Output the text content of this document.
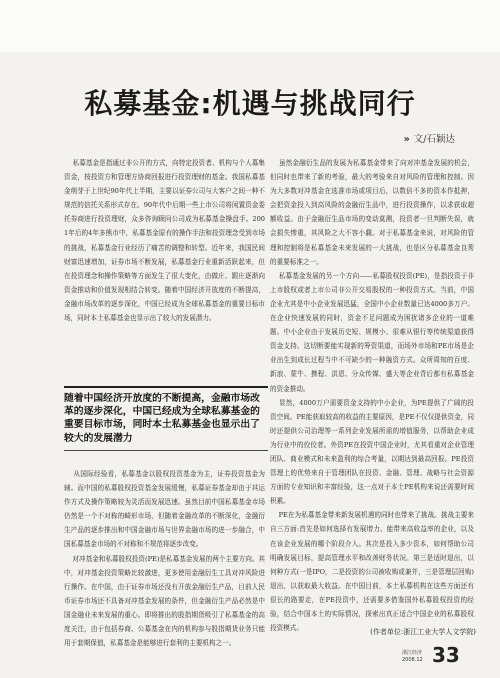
私募基金:机遇与挑战同行
» 文/石颖达
私募基金是指通过非公开的方式，向特定投资者、机构与个人募集资金，按投资方和管理方协商回报进行投资理财的基金。我国私募基金萌芽于上世纪90年代上半期，主要以证券公司与大客户之间一种不规范的信托关系形式存在。90年代中后期一些上市公司将闲置资金委托券商进行投资理财，众多咨询顾问公司成为私募基金操盘手。2001年后的4年多熊市中，私募基金原有的操作手法和投资理念受到市场的挑战，私募基金行业经历了痛苦的调整和转型。近年来，我国民间财富迅速增加，证券市场不断发展，私募基金行业重新活跃起来，但在投资理念和操作策略等方面发生了很大变化，由做庄、跟庄逐渐向资金推动和价值发现相结合转变。随着中国经济开放度的不断提高，金融市场改革的逐步深化，中国已经成为全球私募基金的重要目标市场，同时本土私募基金也显示出了较大的发展潜力。
随着中国经济开放度的不断提高，金融市场改革的逐步深化，中国已经成为全球私募基金的重要目标市场，同时本土私募基金也显示出了较大的发展潜力
从国际经验看，私募基金以股权投资基金为主，证券投资基金为辅。而中国的私募股权投资基金发展缓慢，私募证券基金却由于其运作方式及操作策略较为灵活而发展迅速。虽然目前中国私募基金市场仍然是一个不对称的畸形市场，但随着金融改革的不断深化，金融衍生产品的逐步推出和中国金融市场与世界金融市场的进一步融合，中国私募基金市场的不对称和不规范将逐步改变。
对冲基金和私募股权投资(PE)是私募基金发展的两个主要方向。其中，对冲基金投资策略比较激进，更多使用金融衍生工具对冲风险进行操作。在中国，由于证券市场还没有开放金融衍生产品，目前人民币证券市场还不具备对冲基金发展的条件，但金融衍生产品必然是中国金融业未来发展的重心。即将推出的股指期货吸引了私募基金的高度关注，由于包括券商、公募基金在内的机构参与股指期货业务只能用于套期保值，私募基金是能够进行套利的主要机构之一。
虽然金融衍生品的发展为私募基金带来了向对冲基金发展的机会，但同时也带来了新的考验，最大的考验来自对风险的管理和控制。因为大多数对冲基金在选准市场或项目后，以数倍不多的资本作抵押，会把资金投入到高风险的金融衍生品中，进行投资操作，以求获取超额收益。由于金融衍生品市场的变动莫测，投资者一旦判断失误，就会损失惨重，其风险之大不容小觑。对于私募基金来说，对风险的管理和控制将是私募基金未来发展的一大挑战，也是区分私募基金良莠的重要标准之一。
私募基金发展的另一个方向——私募股权投资(PE)，是指投资于非上市股权或者上市公司非公开交易股权的一种投资方式。当前，中国企业尤其是中小企业发展迅猛，全国中小企业数量已达4000多万户。在企业快速发展的同时，资金不足问题成为困扰诸多企业的一道难题。中小企业由于发展历史短、规模小、很难从银行等传统渠道获得资金支持。这切断要能实现新的筹资渠道，而场外市场和PE市场是企业出生到成长过程当中不可缺少的一种融资方式。众所周知的百度、新浪、蒙牛、携程、洪恩、分众传媒、盛大等企业背后都有私募基金的资金推动。
显然，4000万户需要资金支持的中小企业，为PE提供了广阔的投资空间。PE能获取较高的收益的主要原因，是PE不仅仅提供资金，同时还提供公司治理等一系列企业发展所需的增值服务，以帮助企业成为行业中的佼佼者。外资PE在投资中国企业时，尤其看重对企业管理团队、商业模式和未来盈利的综合考量，以期达到最高回报。PE投资管理上的优势来自于管理团队在投资、金融、管理、战略与社会资源方面的专业知识和丰富经验，这一点对于本土PE机构来说还需要时间积累。
PE在为私募基金带来新发展机遇的同时也带来了挑战。挑战主要来自三方面:首先是如何选择有发展增力、能带来高收益率的企业，以及在该企业发展的哪个阶段介入。其次是投入多少资本，如何帮助公司明确发展目标，提高管理水平和改善财务状况。第三是适时退出，以何种方式(一是IPO，二是投资的公司被收购或兼并，三是管理层回购)退出，以获取最大收益。在中国目前，本土私募机构在这些方面还有很长的路要走，在PE投资中，还需要多借鉴国外私募股权投资的经验，结合中国本土的实际情况，探索出真正适合中国企业的私募股权投资模式。	(作者单位:浙江工业大学人文学院)
浙江经济
2008.12 33
